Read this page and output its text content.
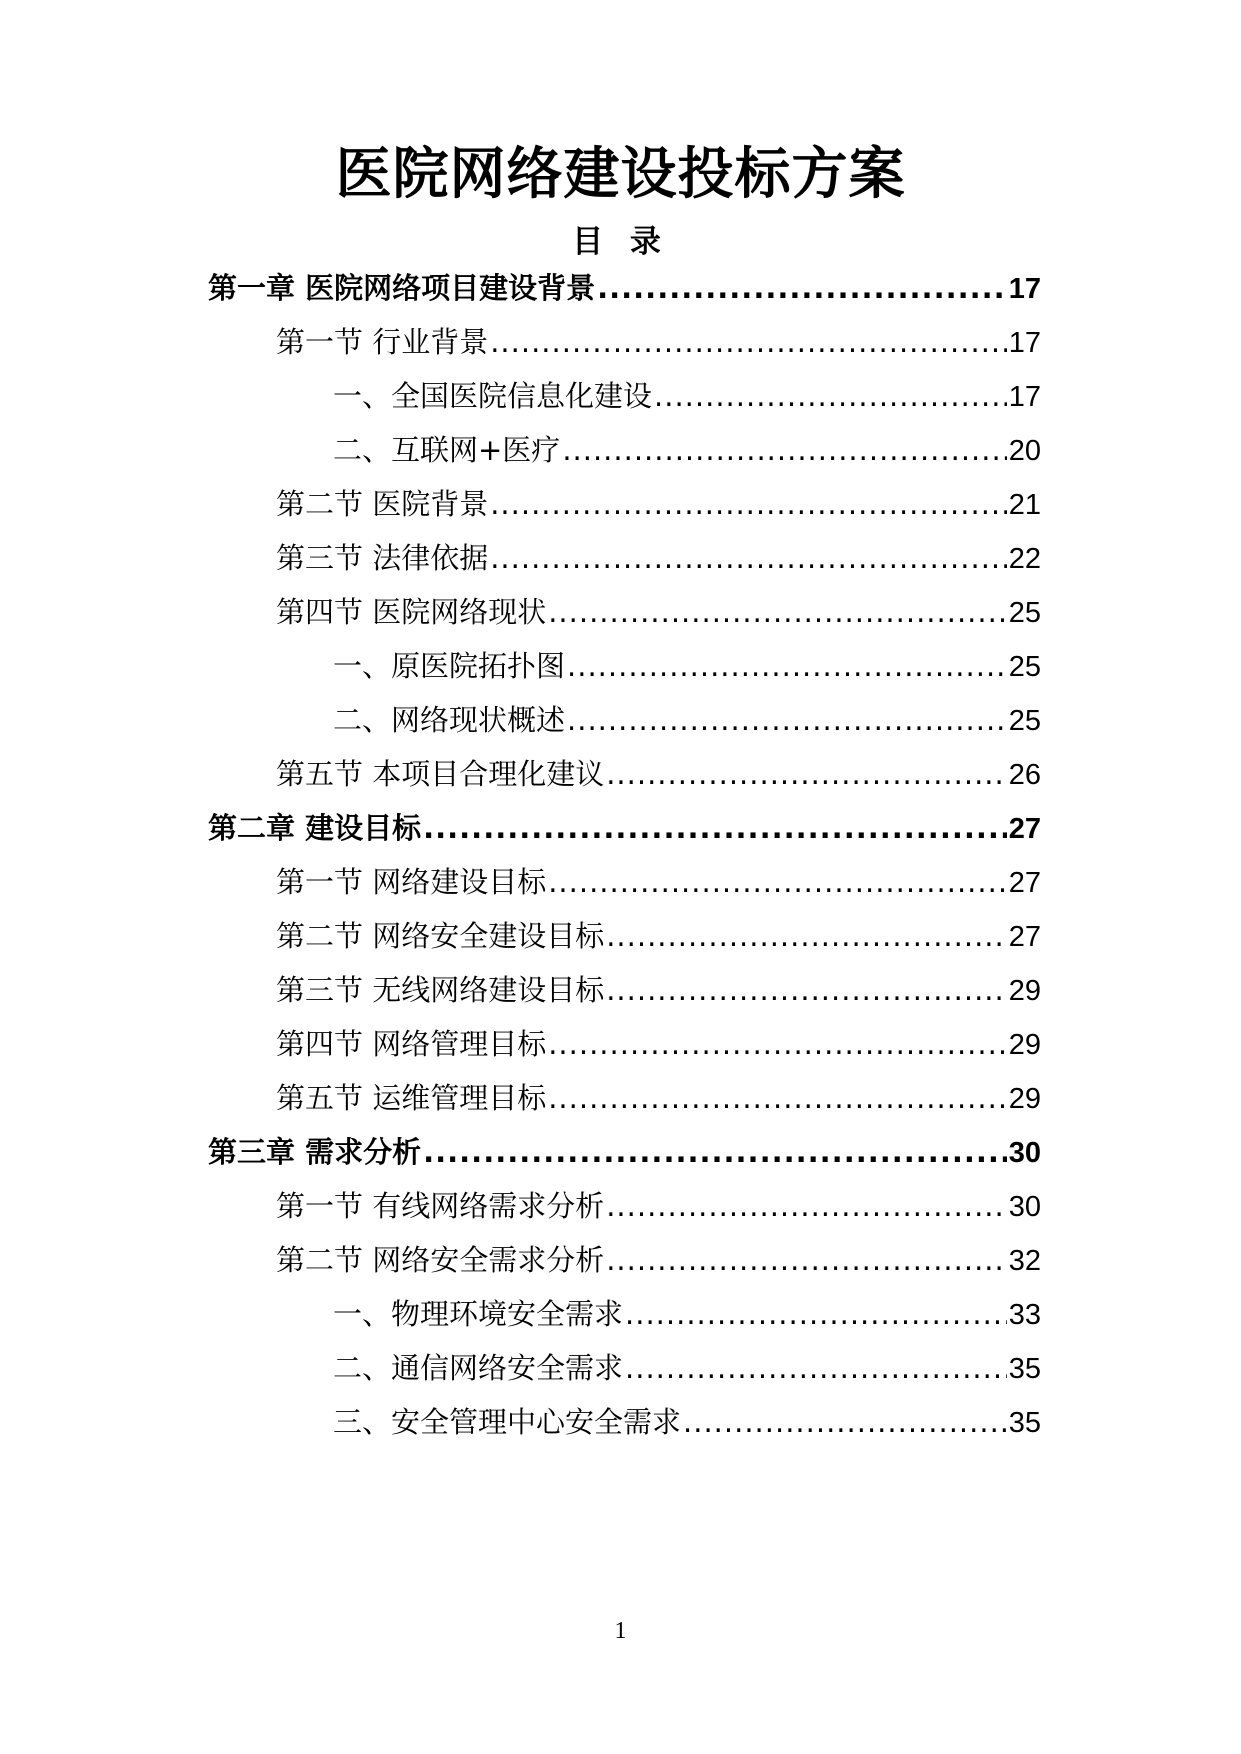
医院网络建设投标方案
目 录
第一章 医院网络项目建设背景 .....	17
第一节 行业背景 .....	17
一、全国医院信息化建设 .....	17
二、互联网+医疗 .....	20
第二节 医院背景 .....	21
第三节 法律依据 .....	22
第四节 医院网络现状 .....	25
一、原医院拓扑图 .....	25
二、网络现状概述 .....	25
第五节 本项目合理化建议 .....	26
第二章 建设目标 .....	27
第一节 网络建设目标 .....	27
第二节 网络安全建设目标 .....	27
第三节 无线网络建设目标 .....	29
第四节 网络管理目标 .....	29
第五节 运维管理目标 .....	29
第三章 需求分析 .....	30
第一节 有线网络需求分析 .....	30
第二节 网络安全需求分析 .....	32
一、物理环境安全需求 .....	33
二、通信网络安全需求 .....	35
三、安全管理中心安全需求 .....	35
1
